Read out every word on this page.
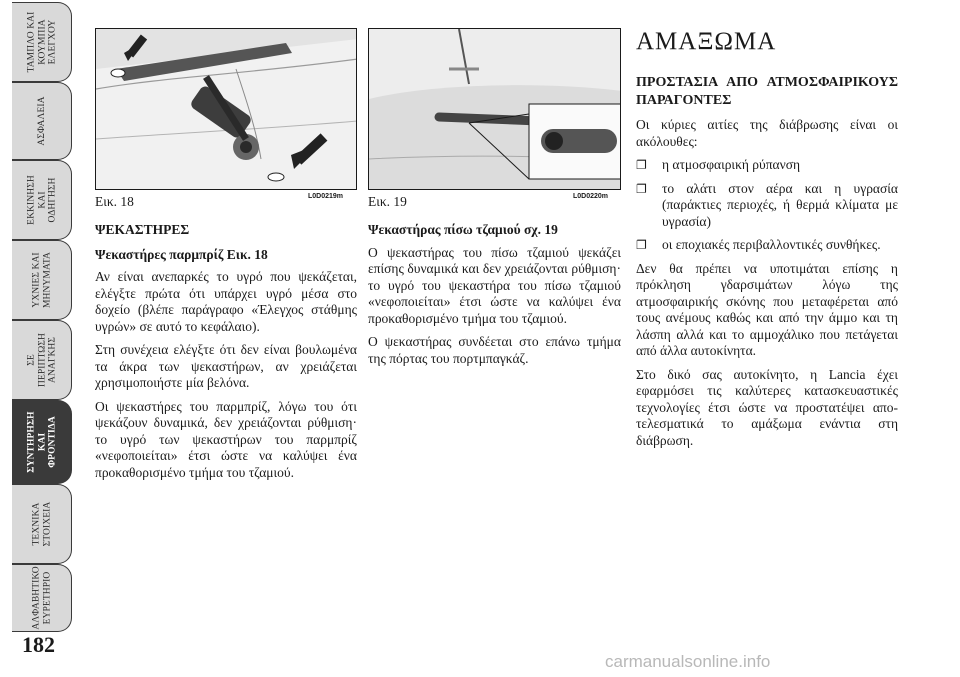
ΤΑΜΠΛΟ ΚΑΙ
ΚΟΥΜΠΙΑ
ΕΛΕΓΧΟΥ
ΑΣΦΑΛΕΙΑ
ΕΚΚΙΝΗΣΗ
ΚΑΙ
ΟΔΗΓΗΣΗ
ΥΧΝΙΕΣ ΚΑΙ
ΜΗΝΥΜΑΤΑ
ΣΕ
ΠΕΡΙΠΤΩΣΗ
ΑΝΑΓΚΗΣ
ΣΥΝΤΗΡΗΣΗ
ΚΑΙ
ΦΡΟΝΤΙΔΑ
ΤΕΧΝΙΚΑ
ΣΤΟΙΧΕΙΑ
ΑΛΦΑΒΗΤΙΚΟ
ΕΥΡΕΤΗΡΙΟ
182
Εικ. 18	L0D0219m Εικ. 19	L0D0220m
ΨΕΚΑΣΤΗΡΕΣ
Ψεκαστήρες παρμπρίζ Εικ. 18

Αν είναι ανεπαρκές το υγρό που ψεκάζεται, ελέγξτε πρώτα ότι υπάρχει υγρό μέσα στο δοχείο (βλέπε παράγραφο «Έλεγχος στάθμης υγρών» σε αυτό το κεφάλαιο).

Στη συνέχεια ελέγξτε ότι δεν είναι βουλωμένα τα άκρα των ψεκαστήρων, αν χρειάζεται χρησιμοποιήστε μία βελόνα.

Οι ψεκαστήρες του παρμπρίζ, λόγω του ότι ψεκάζουν δυναμικά, δεν χρειάζονται ρύθμιση· το υγρό των ψεκαστήρων του παρμπρίζ «νεφοποιείται» έτσι ώστε να καλύψει ένα προκαθορισμένο τμήμα του τζαμιού.

Ψεκαστήρας πίσω τζαμιού σχ. 19

Ο ψεκαστήρας του πίσω τζαμιού ψεκάζει επίσης δυναμικά και δεν χρειάζονται ρύθμιση· το υγρό του ψεκαστήρα του πίσω τζαμιού «νεφοποιείται» έτσι ώστε να καλύψει ένα προκαθορισμένο τμήμα του τζαμιού.

Ο ψεκαστήρας συνδέεται στο επάνω τμήμα της πόρτας του πορτμπαγκάζ.

ΑΜΑΞΩΜΑ
ΠΡΟΣΤΑΣΙΑ ΑΠΟ ΑΤΜΟΣΦΑΙΡΙΚΟΥΣ ΠΑΡΑΓΟΝΤΕΣ

Οι κύριες αιτίες της διάβρωσης είναι οι ακόλουθες:

❐	η ατμοσφαιρική ρύπανση
❐	το αλάτι στον αέρα και η υγρασία (παράκτιες περιοχές, ή θερμά κλίματα με υγρασία)
❐	οι εποχιακές περιβαλλοντικές συνθήκες.

Δεν θα πρέπει να υποτιμάται επίσης η πρόκληση γδαρσιμάτων λόγω της ατμοσφαιρικής σκόνης που μεταφέρεται από τους ανέμους καθώς και από την άμμο και τη λάσπη αλλά και το αμμοχάλικο που πετάγεται από άλλα αυτοκίνητα.

Στο δικό σας αυτοκίνητο, η Lancia έχει εφαρμόσει τις καλύτερες κατασκευαστικές τεχνολογίες έτσι ώστε να προστατέψει απο-τελεσματικά το αμάξωμα ενάντια στη διάβρωση.

carmanualsonline.info
